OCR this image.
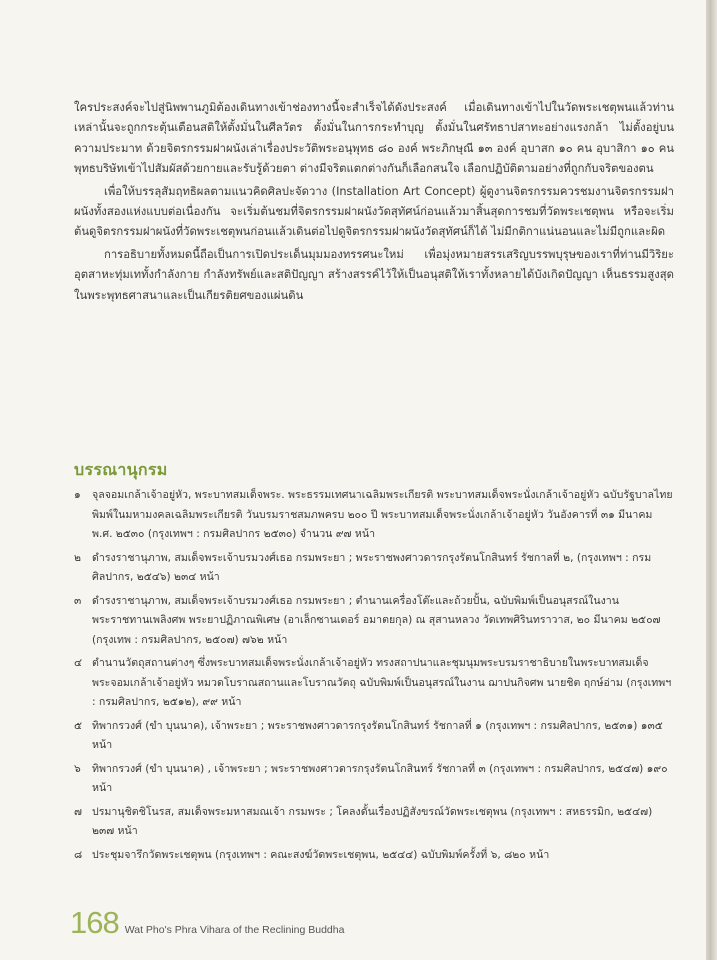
ใครประสงค์จะไปสู่นิพพานภูมิต้องเดินทางเข้าช่องทางนี้จะสำเร็จได้ดังประสงค์ เมื่อเดินทางเข้าไปในวัดพระเชตุพนแล้วท่านเหล่านั้นจะถูกกระตุ้นเตือนสติให้ตั้งมั่นในศีลวัตร ตั้งมั่นในการกระทำบุญ ตั้งมั่นในศรัทธาปสาทะอย่างแรงกล้า ไม่ตั้งอยู่บนความประมาท ด้วยจิตรกรรมฝาผนังเล่าเรื่องประวัติพระอนุพุทธ ๘๐ องค์ พระภิกษุณี ๑๓ องค์ อุบาสก ๑๐ คน อุบาสิกา ๑๐ คน พุทธบริษัทเข้าไปสัมผัสด้วยกายและรับรู้ด้วยตา ต่างมีจริตแตกต่างกันก็เลือกสนใจ เลือกปฏิบัติตามอย่างที่ถูกกับจริตของตน

เพื่อให้บรรลุสัมฤทธิผลตามแนวคิดศิลปะจัดวาง (Installation Art Concept) ผู้ดูงานจิตรกรรมควรชมงานจิตรกรรมฝาผนังทั้งสองแห่งแบบต่อเนื่องกัน จะเริ่มต้นชมที่จิตรกรรมฝาผนังวัดสุทัศน์ก่อนแล้วมาสิ้นสุดการชมที่วัดพระเชตุพน หรือจะเริ่มต้นดูจิตรกรรมฝาผนังที่วัดพระเชตุพนก่อนแล้วเดินต่อไปดูจิตรกรรมฝาผนังวัดสุทัศน์ก็ได้ ไม่มีกติกาแน่นอนและไม่มีถูกและผิด

การอธิบายทั้งหมดนี้ถือเป็นการเปิดประเด็นมุมมองทรรศนะใหม่ เพื่อมุ่งหมายสรรเสริญบรรพบุรุษของเราที่ท่านมีวิริยะอุตสาหะทุ่มเททั้งกำลังกาย กำลังทรัพย์และสติปัญญา สร้างสรรค์ไว้ให้เป็นอนุสติให้เราทั้งหลายได้บังเกิดปัญญา เห็นธรรมสูงสุดในพระพุทธศาสนาและเป็นเกียรติยศของแผ่นดิน

บรรณานุกรม
๑	จุลจอมเกล้าเจ้าอยู่หัว, พระบาทสมเด็จพระ. พระธรรมเทศนาเฉลิมพระเกียรติ พระบาทสมเด็จพระนั่งเกล้าเจ้าอยู่หัว ฉบับรัฐบาลไทย พิมพ์ในมหามงคลเฉลิมพระเกียรติ วันบรมราชสมภพครบ ๒๐๐ ปี พระบาทสมเด็จพระนั่งเกล้าเจ้าอยู่หัว วันอังคารที่ ๓๑ มีนาคม พ.ศ. ๒๕๓๐ (กรุงเทพฯ : กรมศิลปากร ๒๕๓๐) จำนวน ๙๗ หน้า
๒	ดำรงราชานุภาพ, สมเด็จพระเจ้าบรมวงศ์เธอ กรมพระยา ; พระราชพงศาวดารกรุงรัตนโกสินทร์ รัชกาลที่ ๒, (กรุงเทพฯ : กรมศิลปากร, ๒๕๔๖) ๒๓๔ หน้า
๓	ดำรงราชานุภาพ, สมเด็จพระเจ้าบรมวงศ์เธอ กรมพระยา ; ตำนานเครื่องโต๊ะและถ้วยปั้น, ฉบับพิมพ์เป็นอนุสรณ์ในงานพระราชทานเพลิงศพ พระยาปฏิภาณพิเศษ (อาเล็กซานเดอร์ อมาตยกุล) ณ สุสานหลวง วัดเทพศิรินทราวาส, ๒๐ มีนาคม ๒๕๐๗ (กรุงเทพ : กรมศิลปากร, ๒๕๐๗) ๗๖๒ หน้า
๔ ตำนานวัตถุสถานต่างๆ ซึ่งพระบาทสมเด็จพระนั่งเกล้าเจ้าอยู่หัว ทรงสถาปนาและชุมนุมพระบรมราชาธิบายในพระบาทสมเด็จพระจอมเกล้าเจ้าอยู่หัว หมวดโบราณสถานและโบราณวัตถุ ฉบับพิมพ์เป็นอนุสรณ์ในงาน ฌาปนกิจศพ นายชิต ฤกษ์อ่าม (กรุงเทพฯ : กรมศิลปากร, ๒๕๑๒), ๙๙ หน้า
๕ ทิพากรวงศ์ (ขำ บุนนาค), เจ้าพระยา ; พระราชพงศาวดารกรุงรัตนโกสินทร์ รัชกาลที่ ๑ (กรุงเทพฯ : กรมศิลปากร, ๒๕๓๑) ๑๓๕ หน้า
๖	ทิพากรวงศ์ (ขำ บุนนาค) , เจ้าพระยา ; พระราชพงศาวดารกรุงรัตนโกสินทร์ รัชกาลที่ ๓ (กรุงเทพฯ : กรมศิลปากร, ๒๕๔๗) ๑๙๐ หน้า
๗ ปรมานุชิตชิโนรส, สมเด็จพระมหาสมณเจ้า กรมพระ ; โคลงดั้นเรื่องปฏิสังขรณ์วัดพระเชตุพน (กรุงเทพฯ : สหธรรมิก, ๒๕๔๗) ๒๓๗ หน้า
๘ ประชุมจารึกวัดพระเชตุพน (กรุงเทพฯ : คณะสงฆ์วัดพระเชตุพน, ๒๕๔๔) ฉบับพิมพ์ครั้งที่ ๖, ๘๒๐ หน้า
168 Wat Pho's Phra Vihara of the Reclining Buddha
